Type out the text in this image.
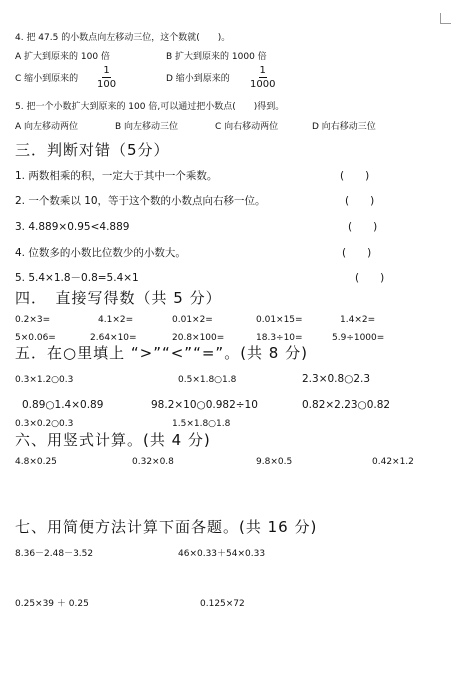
4. 把 47.5 的小数点向左移动三位，这个数就(　　)。
A 扩大到原来的 100 倍	B 扩大到原来的 1000 倍
C 缩小到原来的 $\frac{1}{100}$	D 缩小到原来的 $\frac{1}{1000}$
5. 把一个小数扩大到原来的 100 倍,可以通过把小数点(　　)得到。
A 向左移动两位	B 向左移动三位	C 向右移动两位	D 向右移动三位
三．判断对错（5分）
1. 两数相乘的积，一定大于其中一个乘数。	(　　)
2. 一个数乘以 10，等于这个数的小数点向右移一位。	(　　)
3. 4.889×0.95<4.889	(　　)
4. 位数多的小数比位数少的小数大。	(　　)
5. 5.4×1.8－0.8=5.4×1	(　　)
四．　直接写得数（共 5 分）
0.2×3=	4.1×2=	0.01×2=	0.01×15=	1.4×2=
5×0.06=	2.64×10=	20.8×100=	18.3÷10=	5.9÷1000=
五．在○里填上 “>”“<”“=”。(共 8 分)
0.3×1.2○0.3	0.5×1.8○1.8	2.3×0.8○2.3
0.89○1.4×0.89	98.2×10○0.982÷10	0.82×2.23○0.82
0.3×0.2○0.3	1.5×1.8○1.8
六、用竖式计算。(共 4 分)
4.8×0.25	0.32×0.8	9.8×0.5	0.42×1.2
七、用简便方法计算下面各题。(共 16 分)
8.36－2.48－3.52	46×0.33＋54×0.33
0.25×39 ＋ 0.25	0.125×72
